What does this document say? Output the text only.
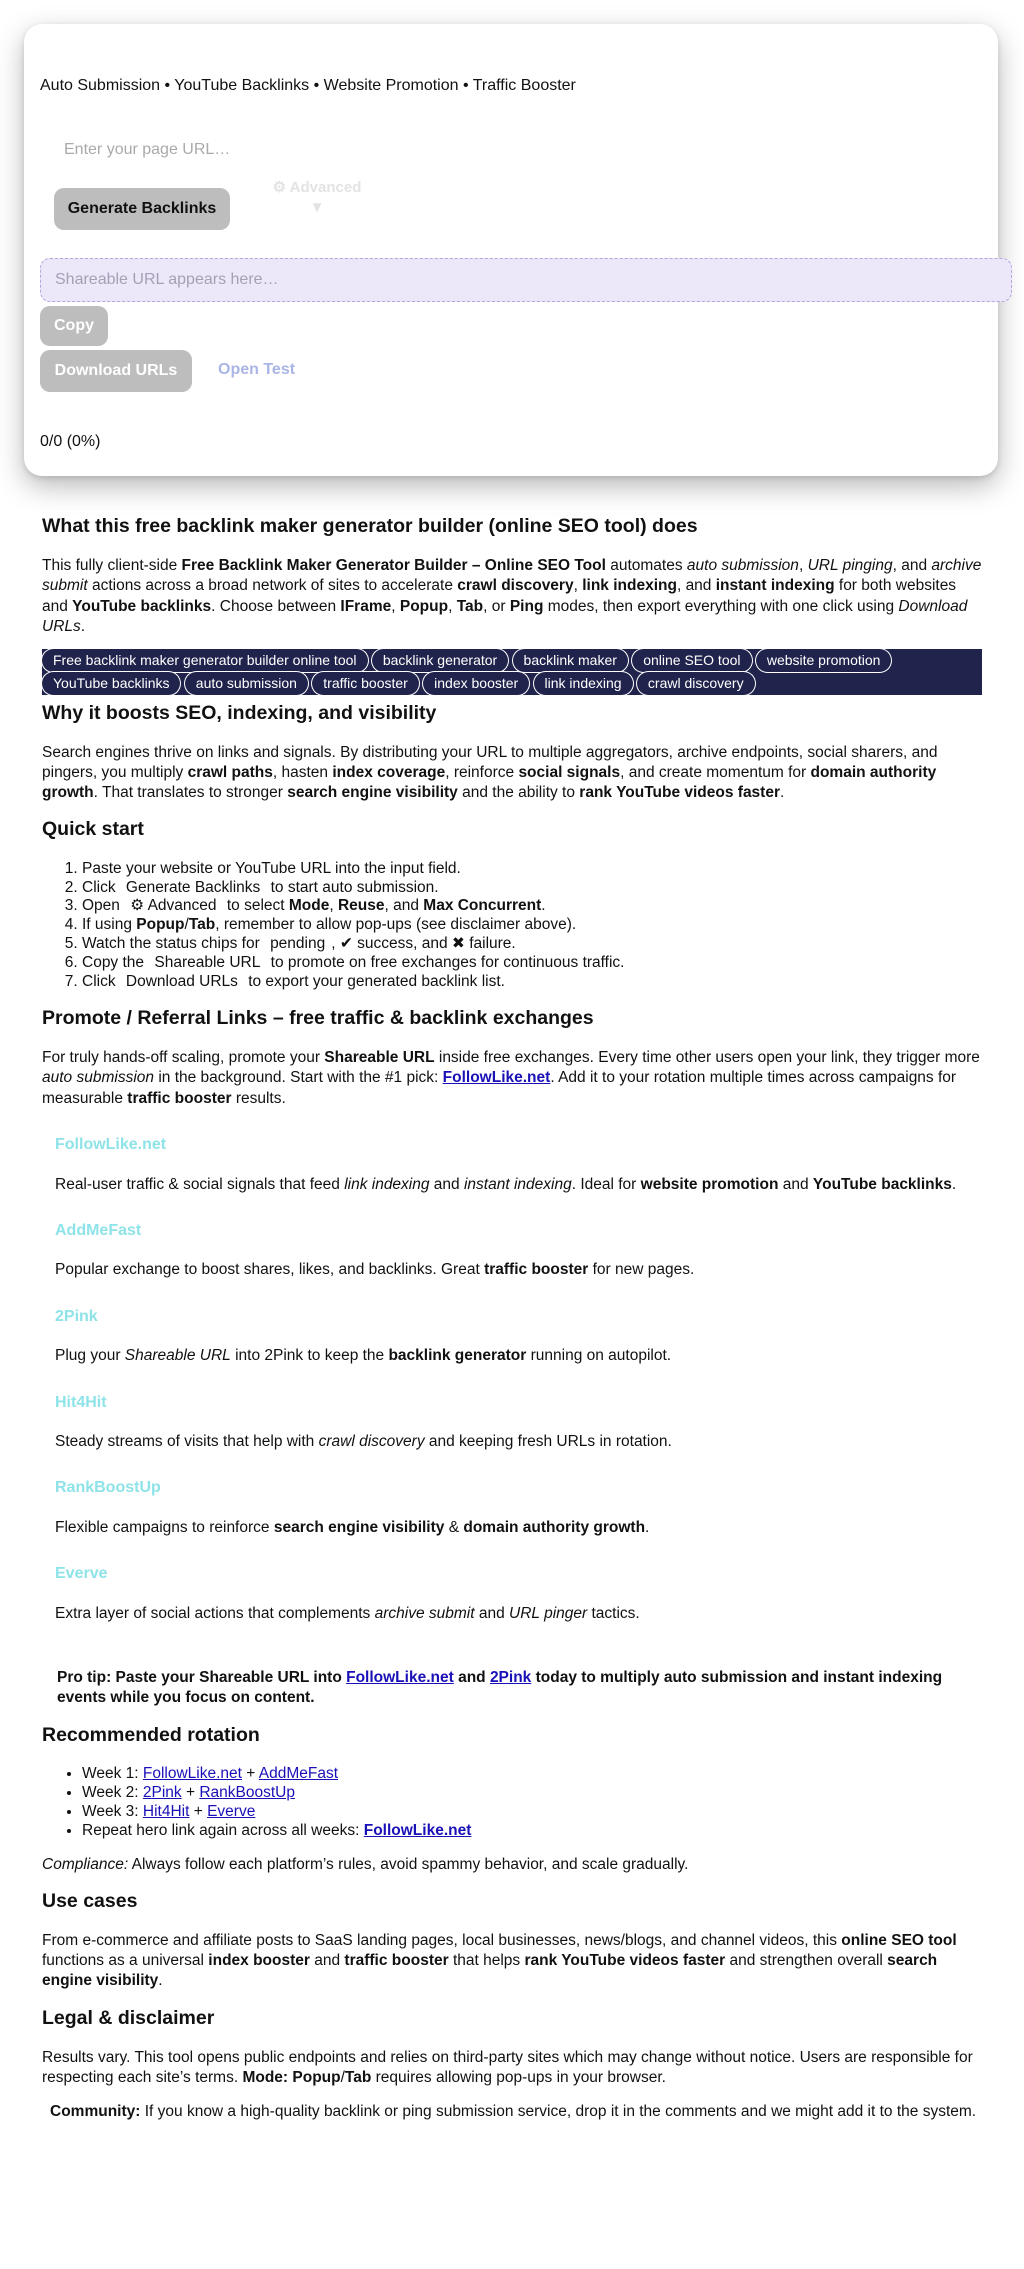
Auto Submission • YouTube Backlinks • Website Promotion • Traffic Booster
Enter your page URL…
Generate Backlinks
⚙ Advanced
▼
Shareable URL appears here…
Copy
Download URLs	Open Test
0/0 (0%)
What this free backlink maker generator builder (online SEO tool) does

This fully client-side Free Backlink Maker Generator Builder – Online SEO Tool automates auto submission, URL pinging, and archive submit actions across a broad network of sites to accelerate crawl discovery, link indexing, and instant indexing for both websites and YouTube backlinks. Choose between IFrame, Popup, Tab, or Ping modes, then export everything with one click using Download URLs.

Free backlink maker generator builder online tool backlink generator backlink maker online SEO tool website promotion YouTube backlinks auto submission traffic booster index booster link indexing crawl discovery
Why it boosts SEO, indexing, and visibility

Search engines thrive on links and signals. By distributing your URL to multiple aggregators, archive endpoints, social sharers, and pingers, you multiply crawl paths, hasten index coverage, reinforce social signals, and create momentum for domain authority growth. That translates to stronger search engine visibility and the ability to rank YouTube videos faster.

Quick start
1. Paste your website or YouTube URL into the input field.
2. Click Generate Backlinks to start auto submission.
3. Open ⚙ Advanced to select Mode, Reuse, and Max Concurrent.
4. If using Popup/Tab, remember to allow pop-ups (see disclaimer above).
5. Watch the status chips for pending , ✔ success, and ✖ failure.
6. Copy the Shareable URL to promote on free exchanges for continuous traffic.
7. Click Download URLs to export your generated backlink list.
Promote / Referral Links – free traffic & backlink exchanges

For truly hands-off scaling, promote your Shareable URL inside free exchanges. Every time other users open your link, they trigger more auto submission in the background. Start with the #1 pick: FollowLike.net. Add it to your rotation multiple times across campaigns for measurable traffic booster results.

FollowLike.net

Real-user traffic & social signals that feed link indexing and instant indexing. Ideal for website promotion and YouTube backlinks.

AddMeFast

Popular exchange to boost shares, likes, and backlinks. Great traffic booster for new pages.

2Pink

Plug your Shareable URL into 2Pink to keep the backlink generator running on autopilot.

Hit4Hit

Steady streams of visits that help with crawl discovery and keeping fresh URLs in rotation.

RankBoostUp

Flexible campaigns to reinforce search engine visibility & domain authority growth.

Everve

Extra layer of social actions that complements archive submit and URL pinger tactics.

Pro tip: Paste your Shareable URL into FollowLike.net and 2Pink today to multiply auto submission and instant indexing events while you focus on content.

Recommended rotation
• Week 1: FollowLike.net + AddMeFast
• Week 2: 2Pink + RankBoostUp
• Week 3: Hit4Hit + Everve
• Repeat hero link again across all weeks: FollowLike.net

Compliance: Always follow each platform’s rules, avoid spammy behavior, and scale gradually.

Use cases

From e-commerce and affiliate posts to SaaS landing pages, local businesses, news/blogs, and channel videos, this online SEO tool functions as a universal index booster and traffic booster that helps rank YouTube videos faster and strengthen overall search engine visibility.

Legal & disclaimer

Results vary. This tool opens public endpoints and relies on third-party sites which may change without notice. Users are responsible for respecting each site’s terms. Mode: Popup/Tab requires allowing pop-ups in your browser.

Community: If you know a high-quality backlink or ping submission service, drop it in the comments and we might add it to the system.
